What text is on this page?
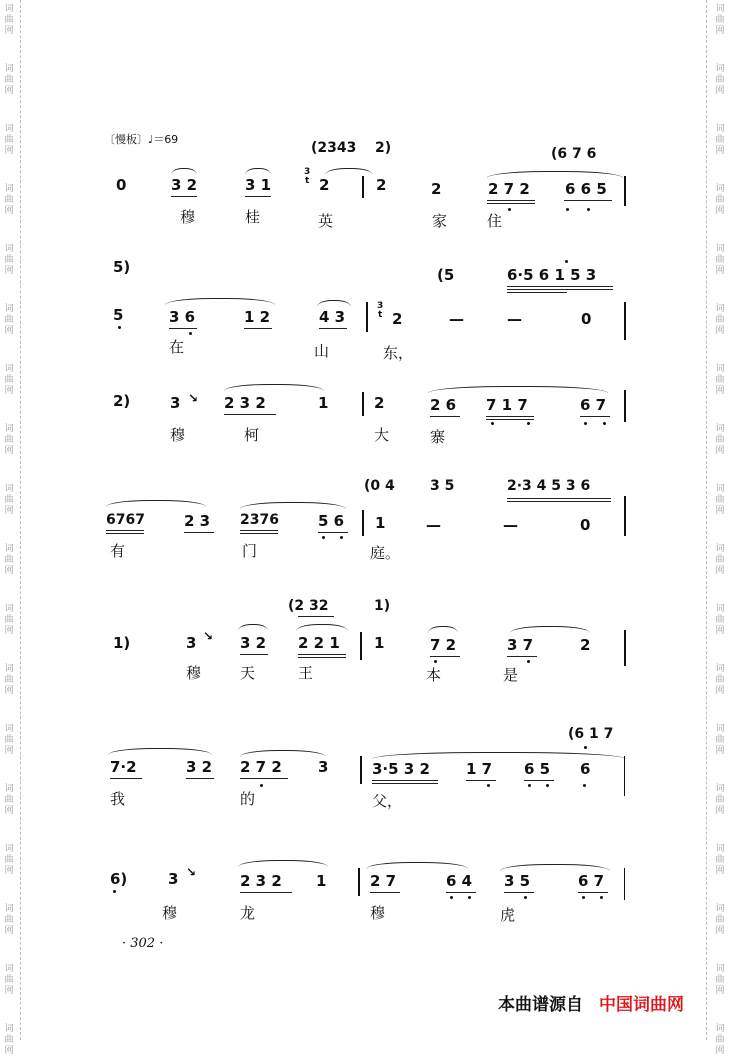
词
曲
网
词
曲
网
词
曲
网
词
曲
网
词
曲
网
词
曲
网
词
曲
网
词
曲
网
词
曲
网
词
曲
网
词
曲
网
词
曲
网
词
曲
网
词
曲
网
词
曲
网
词
曲
网
词
曲
网
词
曲
网
词
曲
网
词
曲
网
词
曲
网
词
曲
网
词
曲
网
词
曲
网
词
曲
网
词
曲
网
词
曲
网
词
曲
网
词
曲
网
词
曲
网
词
曲
网
词
曲
网
词
曲
网
词
曲
网
词
曲
网
词
曲
网
〔慢板〕♩＝69
(2343 2)	(6 7 6
0	3 2	3 1
3
t 2	2	2	2 7 2 6 6 5
穆	桂	英	家	住
5)	(5	6·5 6 1 5 3
5	3 6	1 2	4 3
3
t 2	—	—	0
在	山	东，
2)	3 ↘ 2 3 2	1	2	2 6 7 1 7	6 7
穆	柯	大	寨
(0 4	3 5	2·3 4 5 3 6
6767	2 3 2376	5 6 1	—	—	0
有	门	庭。
(2 32	1)
1)	3 ↘ 3 2 2 2 1 1	7 2	3 7	2
穆	天	王	本	是
(6 1 7
7·2	3 2 2 7 2 3	3·5 3 2 1 7 6 5 6
我	的	父，
6)	3 ↘	2 3 2 1	2 7	6 4 3 5	6 7
穆	龙	穆	虎
· 302 ·
本曲谱源自 中国词曲网
